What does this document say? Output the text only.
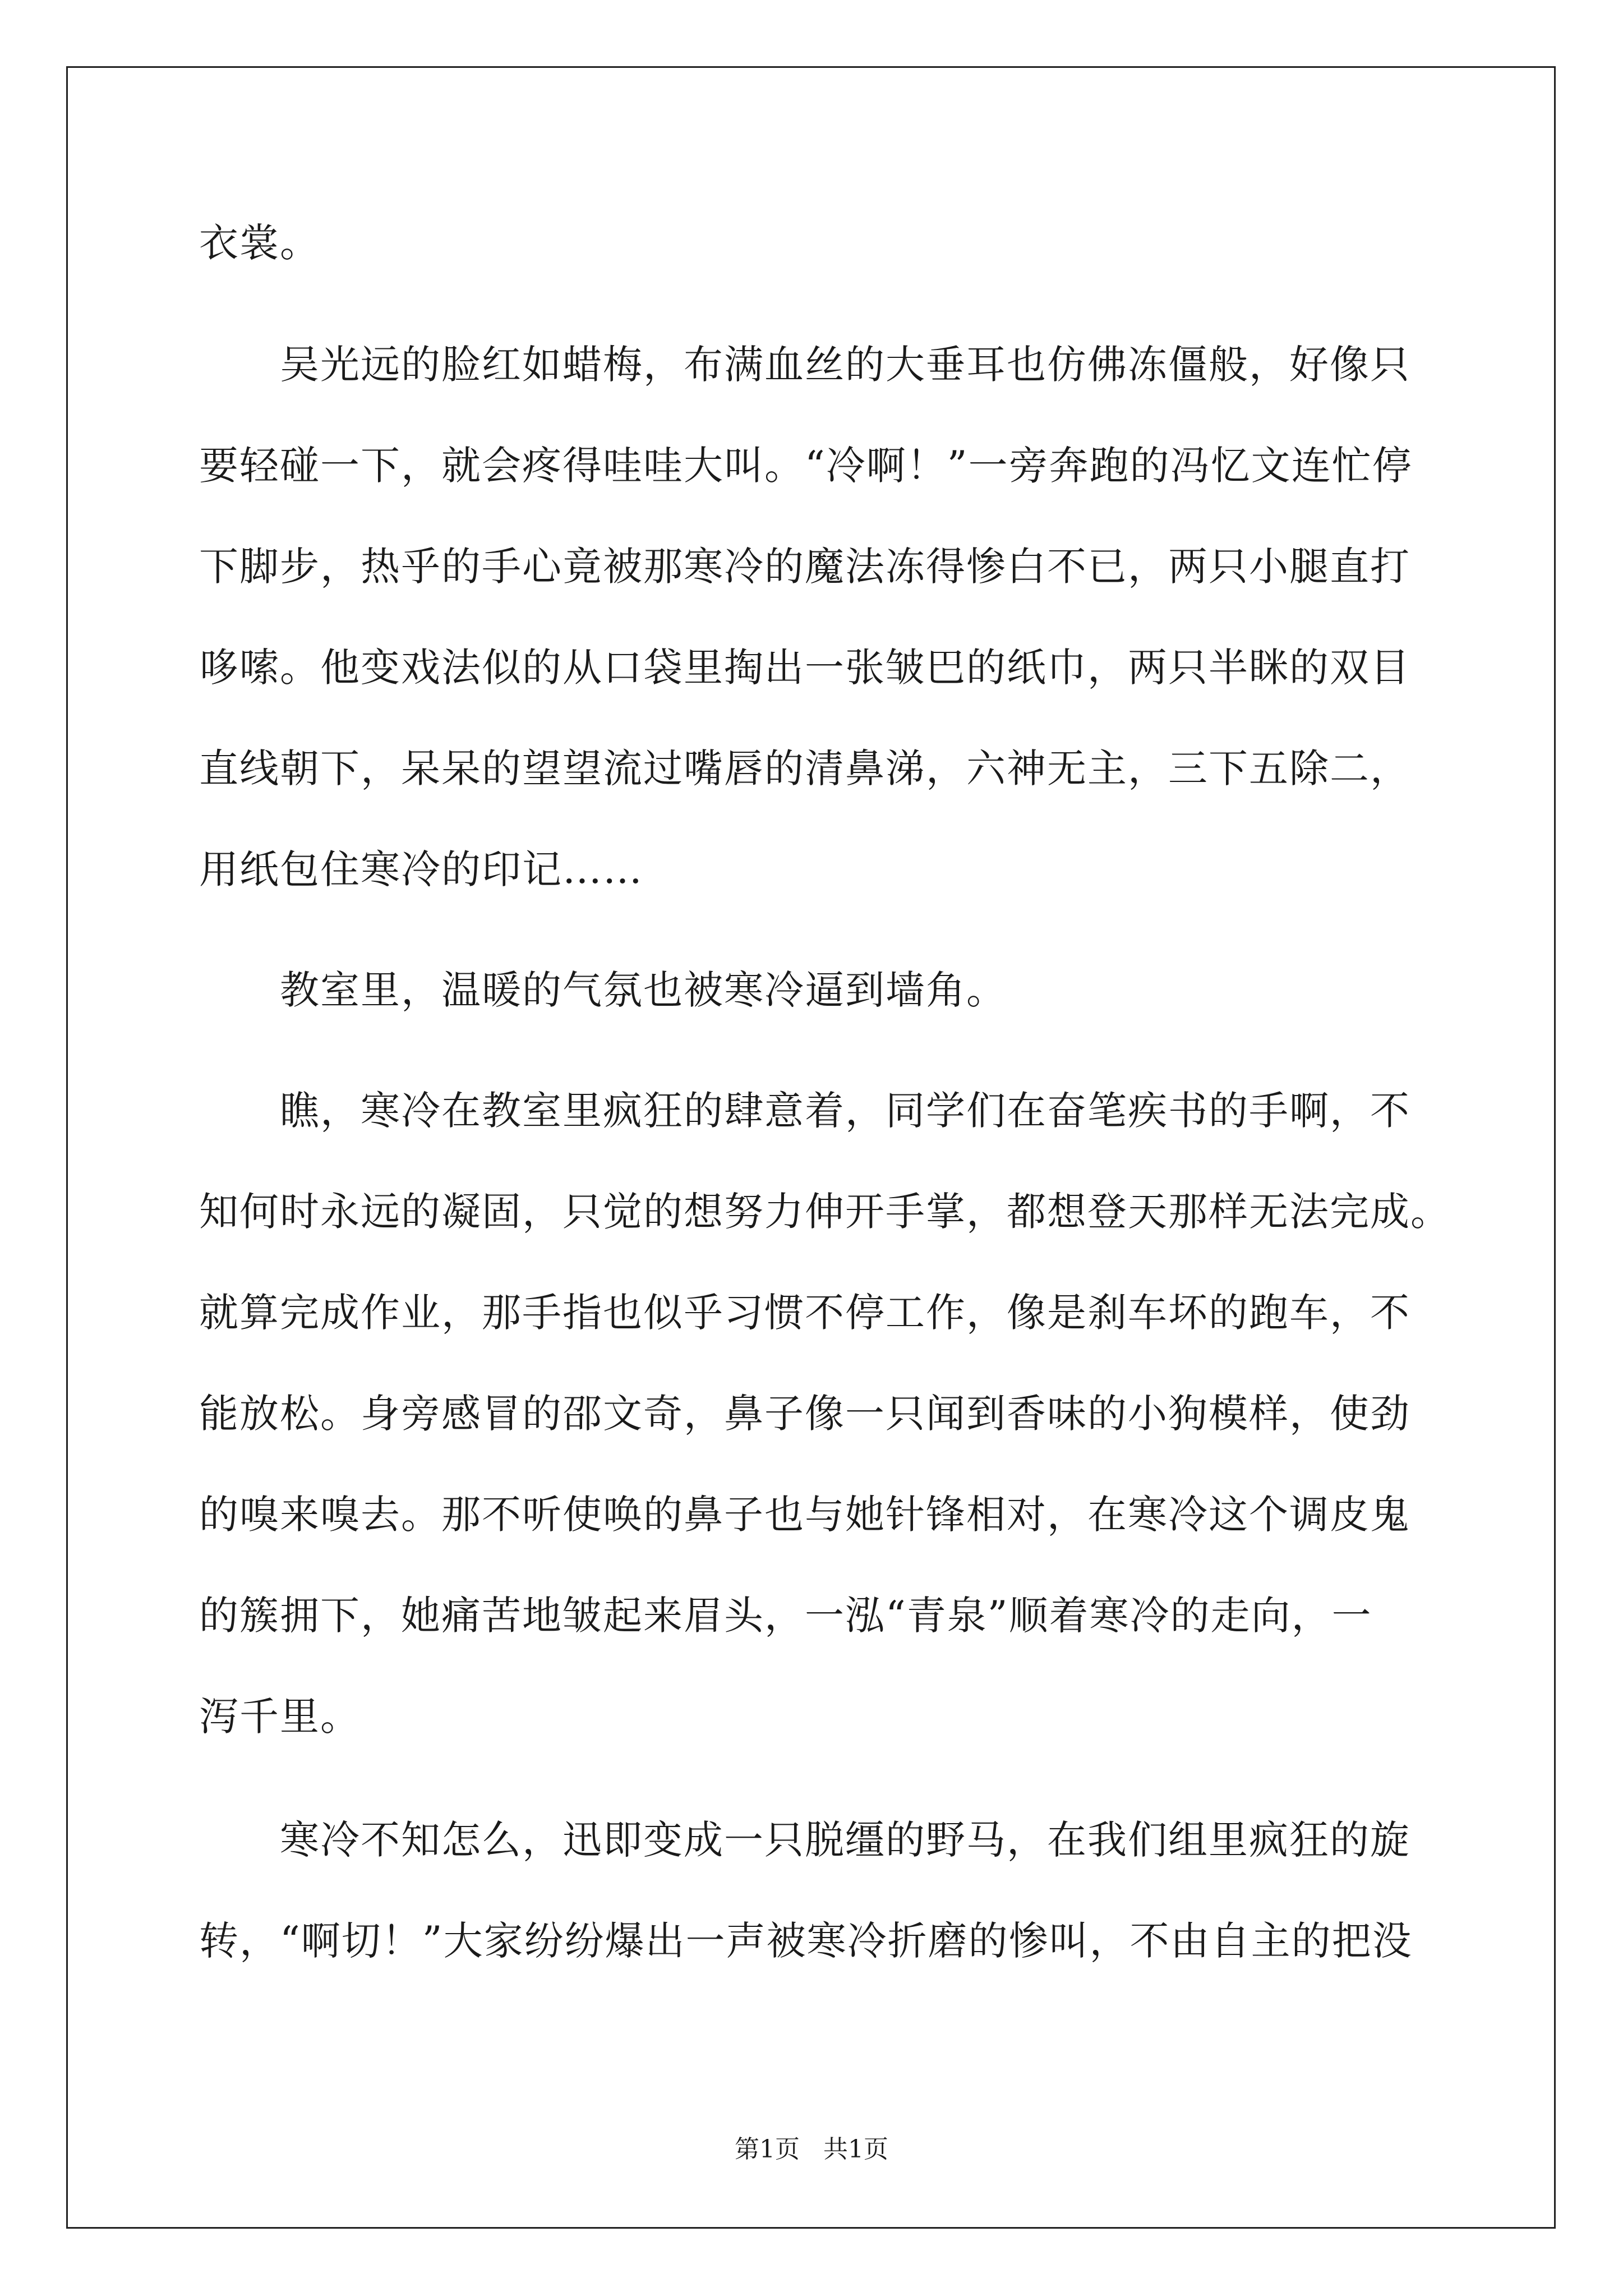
衣裳。
　　吴光远的脸红如蜡梅，布满血丝的大垂耳也仿佛冻僵般，好像只
要轻碰一下，就会疼得哇哇大叫。“冷啊！”一旁奔跑的冯忆文连忙停
下脚步，热乎的手心竟被那寒冷的魔法冻得惨白不已，两只小腿直打
哆嗦。他变戏法似的从口袋里掏出一张皱巴的纸巾，两只半眯的双目
直线朝下，呆呆的望望流过嘴唇的清鼻涕，六神无主，三下五除二，
用纸包住寒冷的印记……
　　教室里，温暖的气氛也被寒冷逼到墙角。
　　瞧，寒冷在教室里疯狂的肆意着，同学们在奋笔疾书的手啊，不
知何时永远的凝固，只觉的想努力伸开手掌，都想登天那样无法完成。
就算完成作业，那手指也似乎习惯不停工作，像是刹车坏的跑车，不
能放松。身旁感冒的邵文奇，鼻子像一只闻到香味的小狗模样，使劲
的嗅来嗅去。那不听使唤的鼻子也与她针锋相对，在寒冷这个调皮鬼
的簇拥下，她痛苦地皱起来眉头，一泓“青泉”顺着寒冷的走向，一
泻千里。
　　寒冷不知怎么，迅即变成一只脱缰的野马，在我们组里疯狂的旋
转，“啊切！”大家纷纷爆出一声被寒冷折磨的惨叫，不由自主的把没
第1页   共1页
